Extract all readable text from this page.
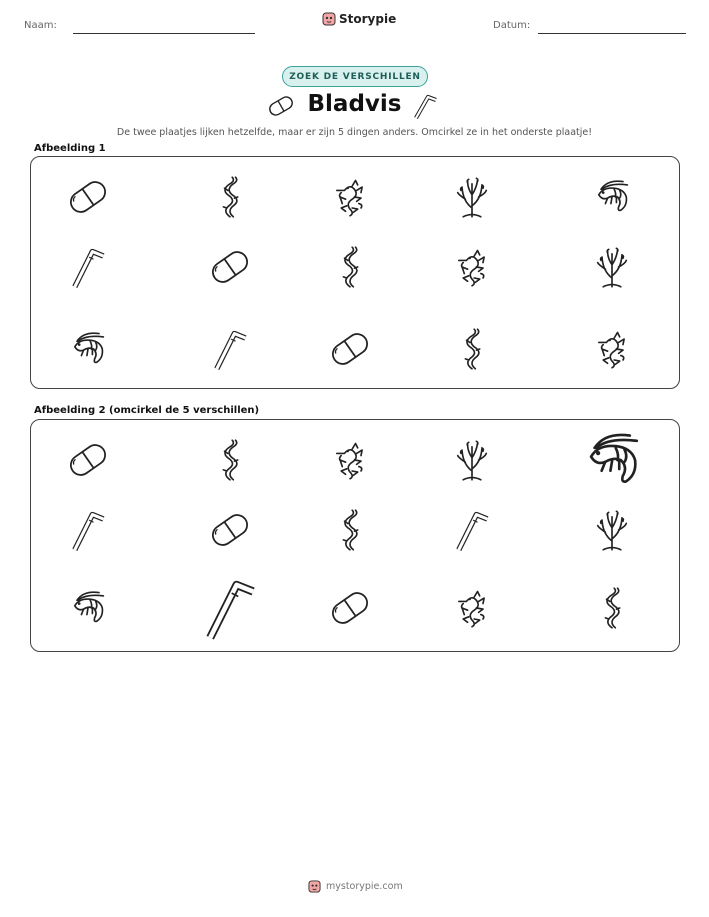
Naam:	Storypie	Datum:
ZOEK DE VERSCHILLEN
Bladvis
De twee plaatjes lijken hetzelfde, maar er zijn 5 dingen anders. Omcirkel ze in het onderste plaatje!
Afbeelding 1
Afbeelding 2 (omcirkel de 5 verschillen)
mystorypie.com
